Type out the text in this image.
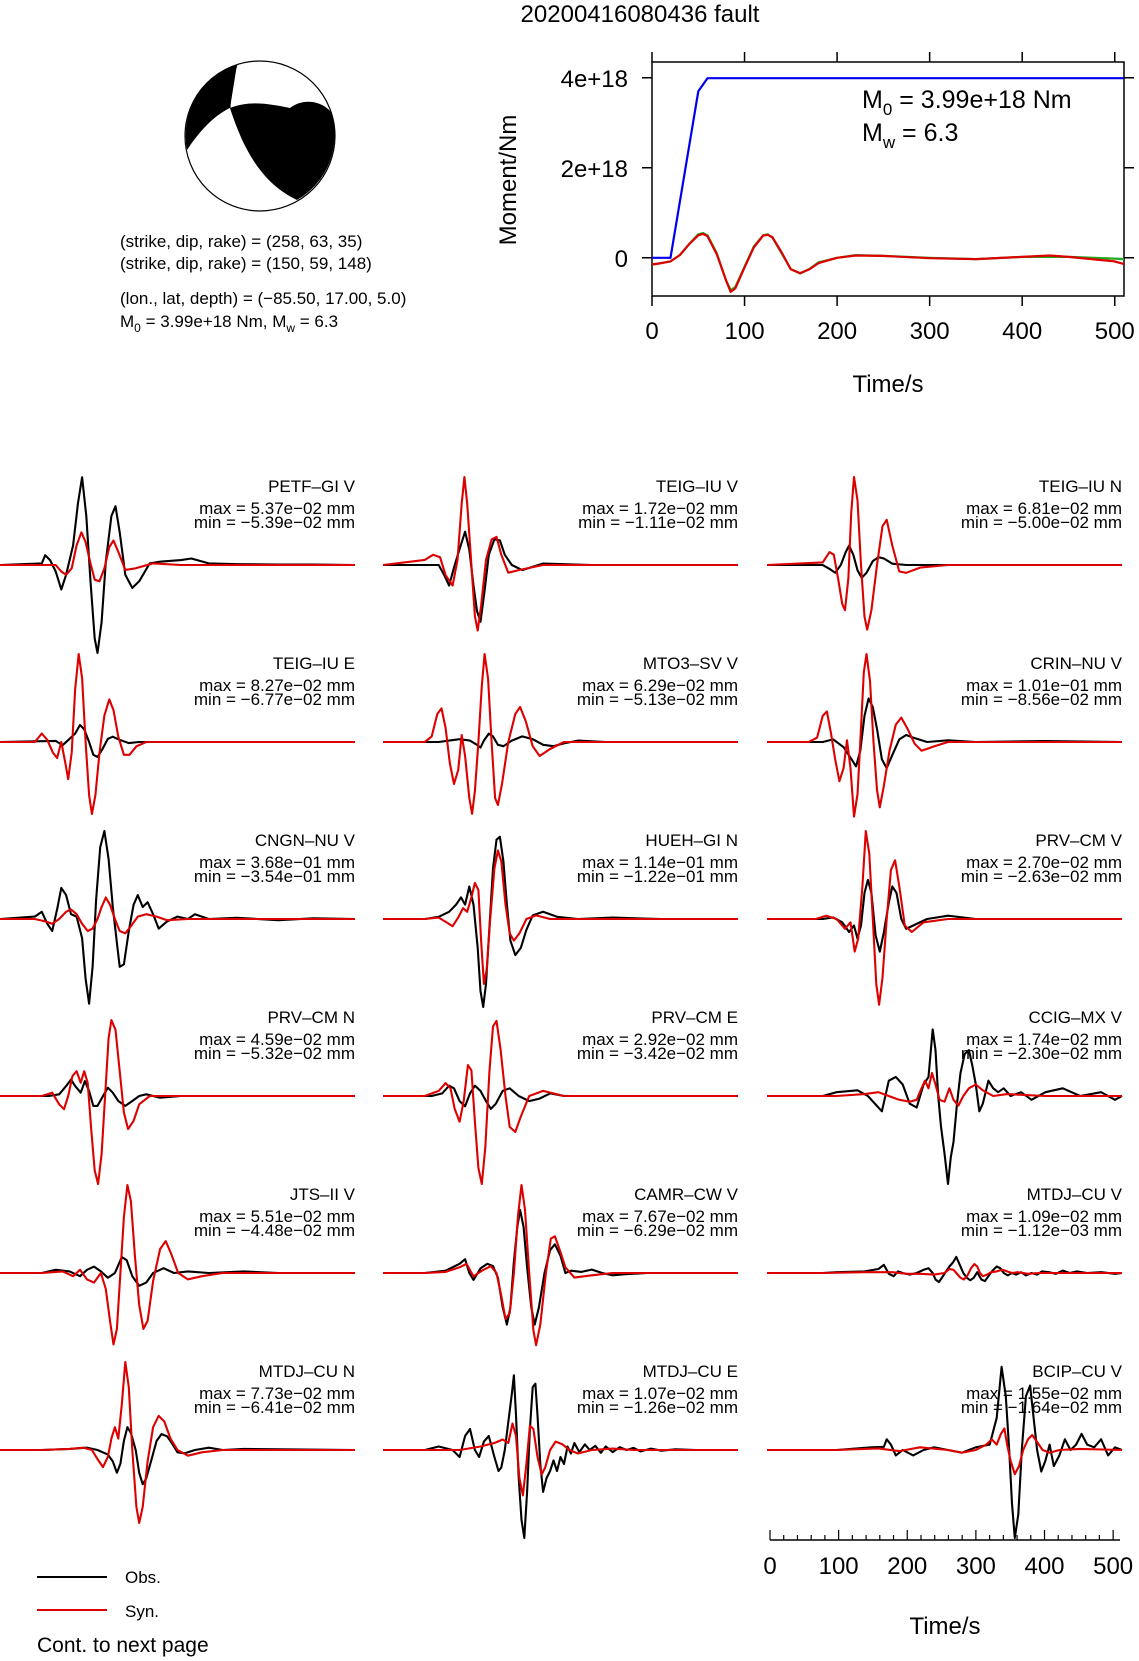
20200416080436 fault
(strike, dip, rake) = (258, 63, 35)
(strike, dip, rake) = (150, 59, 148)
(lon., lat, depth) = (−85.50, 17.00, 5.0)
$M_0 = 3.99e+18$ Nm, $M_w = 6.3$	0	100 200 300 400 500
0
2e+18
4e+18
Moment/Nm
Time/s
$M_0 = 3.99e+18$ Nm
$M_w = 6.3$
PETF–GI V
max = 5.37e−02 mm
min = −5.39e−02 mm
TEIG–IU V
max = 1.72e−02 mm
min = −1.11e−02 mm
TEIG–IU N
max = 6.81e−02 mm
min = −5.00e−02 mm
TEIG–IU E
max = 8.27e−02 mm
min = −6.77e−02 mm
MTO3–SV V
max = 6.29e−02 mm
min = −5.13e−02 mm
CRIN–NU V
max = 1.01e−01 mm
min = −8.56e−02 mm
CNGN–NU V
max = 3.68e−01 mm
min = −3.54e−01 mm
HUEH–GI N
max = 1.14e−01 mm
min = −1.22e−01 mm
PRV–CM V
max = 2.70e−02 mm
min = −2.63e−02 mm
PRV–CM N
max = 4.59e−02 mm
min = −5.32e−02 mm
PRV–CM E
max = 2.92e−02 mm
min = −3.42e−02 mm
CCIG–MX V
max = 1.74e−02 mm
min = −2.30e−02 mm
JTS–II V
max = 5.51e−02 mm
min = −4.48e−02 mm
CAMR–CW V
max = 7.67e−02 mm
min = −6.29e−02 mm
MTDJ–CU V
max = 1.09e−02 mm
min = −1.12e−03 mm
MTDJ–CU N
max = 7.73e−02 mm
min = −6.41e−02 mm
MTDJ–CU E
max = 1.07e−02 mm
min = −1.26e−02 mm
BCIP–CU V
max = 1.55e−02 mm
min = −1.64e−02 mm
Time/s
0 100 200 300 400 500
Obs.
Syn.
Cont. to next page
